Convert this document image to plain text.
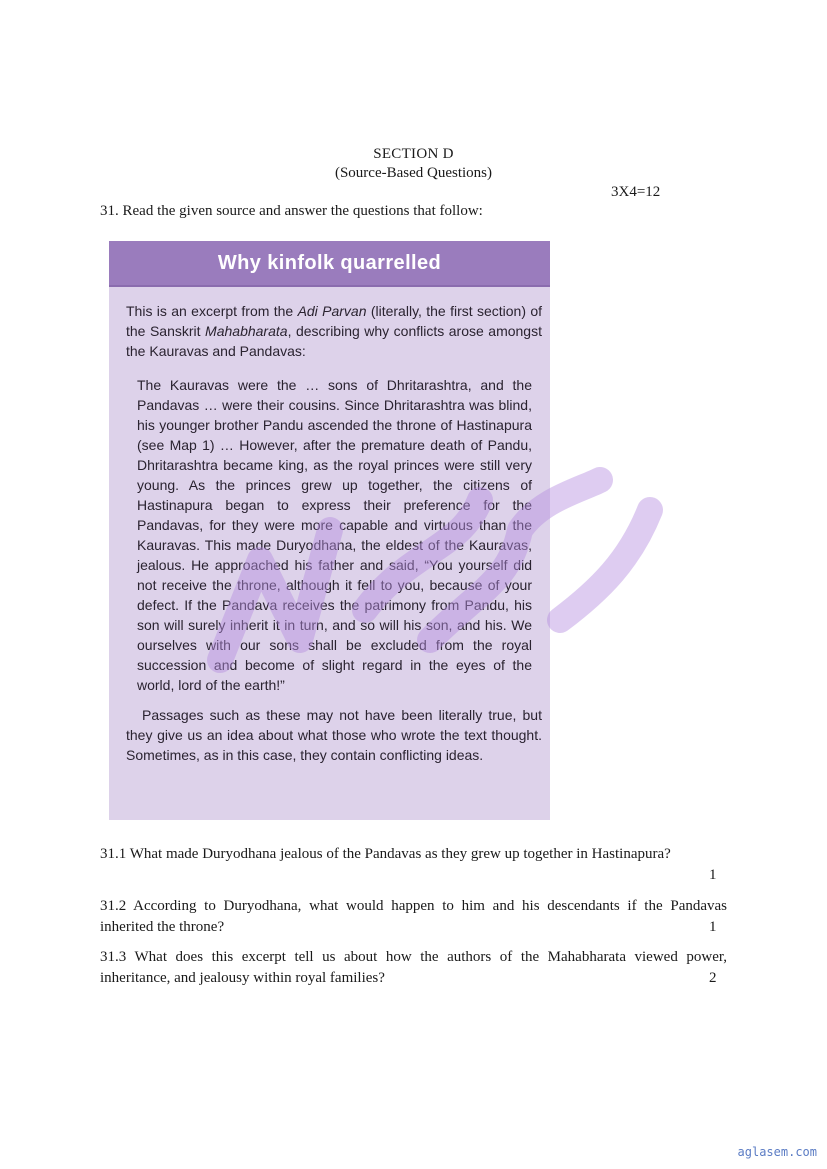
SECTION D
(Source-Based Questions)
3X4=12
31. Read the given source and answer the questions that follow:
Why kinfolk quarrelled

This is an excerpt from the Adi Parvan (literally, the first section) of the Sanskrit Mahabharata, describing why conflicts arose amongst the Kauravas and Pandavas:

The Kauravas were the … sons of Dhritarashtra, and the Pandavas … were their cousins. Since Dhritarashtra was blind, his younger brother Pandu ascended the throne of Hastinapura (see Map 1) … However, after the premature death of Pandu, Dhritarashtra became king, as the royal princes were still very young. As the princes grew up together, the citizens of Hastinapura began to express their preference for the Pandavas, for they were more capable and virtuous than the Kauravas. This made Duryodhana, the eldest of the Kauravas, jealous. He approached his father and said, “You yourself did not receive the throne, although it fell to you, because of your defect. If the Pandava receives the patrimony from Pandu, his son will surely inherit it in turn, and so will his son, and his. We ourselves with our sons shall be excluded from the royal succession and become of slight regard in the eyes of the world, lord of the earth!”

Passages such as these may not have been literally true, but they give us an idea about what those who wrote the text thought. Sometimes, as in this case, they contain conflicting ideas.

31.1 What made Duryodhana jealous of the Pandavas as they grew up together in Hastinapura?
1
31.2 According to Duryodhana, what would happen to him and his descendants if the Pandavas inherited the throne?	1
31.3 What does this excerpt tell us about how the authors of the Mahabharata viewed power, inheritance, and jealousy within royal families?	2
aglasem.com
